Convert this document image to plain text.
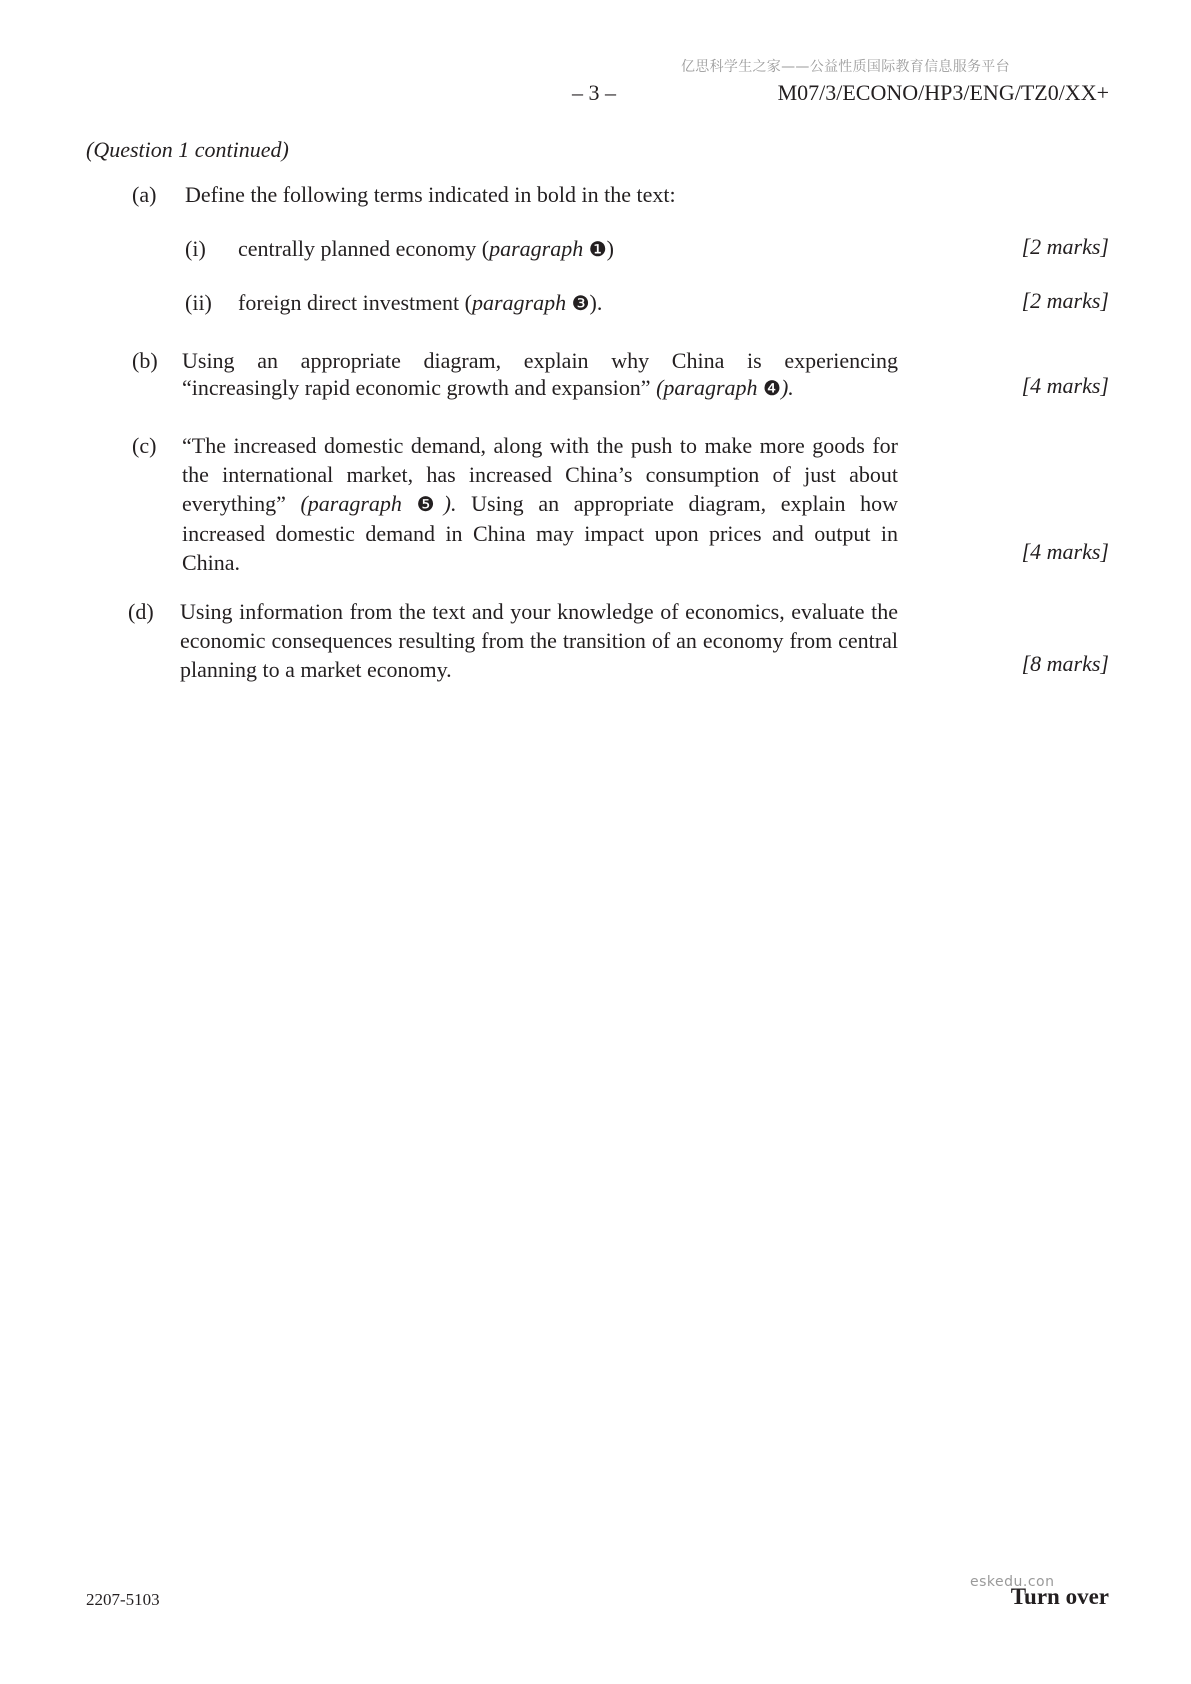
亿思科学生之家——公益性质国际教育信息服务平台
– 3 –	M07/3/ECONO/HP3/ENG/TZ0/XX+
(Question 1 continued)
(a) Define the following terms indicated in bold in the text:
(i) centrally planned economy (paragraph ❶)	[2 marks]
(ii) foreign direct investment (paragraph ❸).	[2 marks]
(b) Using an appropriate diagram, explain why China is experiencing
“increasingly rapid economic growth and expansion” (paragraph ❹).	[4 marks]
(c) “The increased domestic demand, along with the push to make more goods for the international market, has increased China’s consumption of just about everything” (paragraph ❺). Using an appropriate diagram, explain how increased domestic demand in China may impact upon prices and output in China.	[4 marks]
(d) Using information from the text and your knowledge of economics, evaluate the economic consequences resulting from the transition of an economy from central planning to a market economy.	[8 marks]
2207-5103
eskedu.con
Turn over
